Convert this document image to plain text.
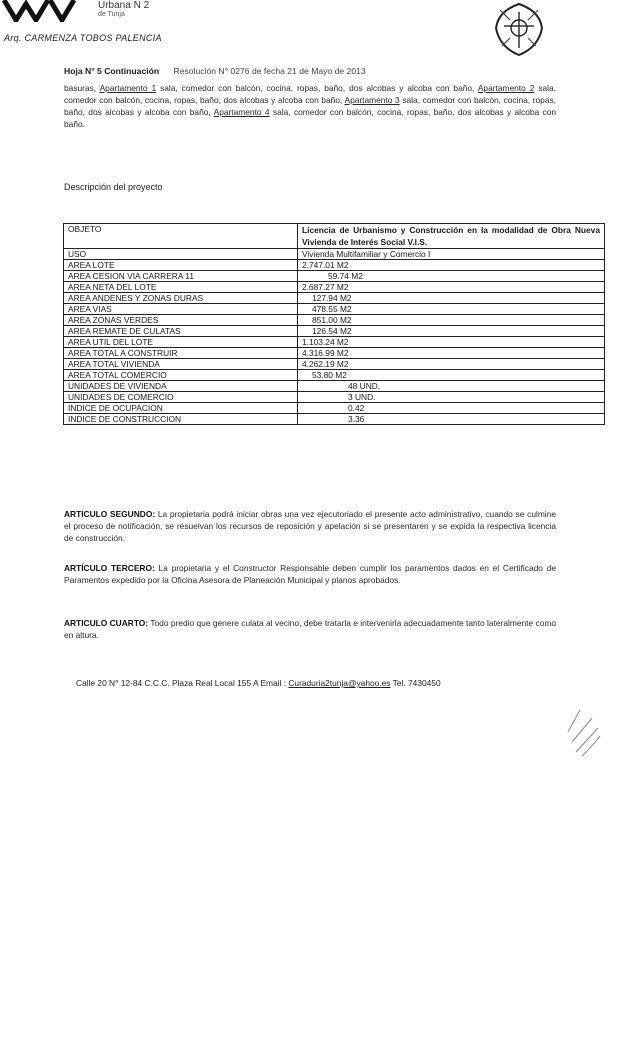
Urbana N 2
de Tunja
Arq. CARMENZA TOBOS PALENCIA
Hoja N° 5 Continuación Resolución N° 0276 de fecha 21 de Mayo de 2013
basuras, Apartamento 1 sala, comedor con balcón, cocina, ropas, baño, dos alcobas y alcoba con baño, Apartamento 2 sala, comedor con balcón, cocina, ropas, baño, dos alcobas y alcoba con baño, Apartamento 3 sala, comedor con balcón, cocina, ropas, baño, dos alcobas y alcoba con baño, Apartamento 4 sala, comedor con balcón, cocina, ropas, baño, dos alcobas y alcoba con baño.
Descripción del proyecto
OBJETO	Licencia de Urbanismo y Construcción en la modalidad de Obra Nueva Vivienda de Interés Social V.I.S.
USO	Vivienda Multifamiliar y Comercio I
AREA LOTE	2.747.01 M2
AREA CESION VIA CARRERA 11	59.74 M2
AREA NETA DEL LOTE	2.687.27 M2
AREA ANDENES Y ZONAS DURAS	127.94 M2
AREA VIAS	478.55 M2
AREA ZONAS VERDES	851.00 M2
AREA REMATE DE CULATAS	126.54 M2
AREA UTIL DEL LOTE	1.103.24 M2
AREA TOTAL A CONSTRUIR	4.316.99 M2
AREA TOTAL VIVIENDA	4.262.19 M2
AREA TOTAL COMERCIO	53.80 M2
UNIDADES DE VIVIENDA	48 UND.
UNIDADES DE COMERCIO	3 UND.
INDICE DE OCUPACION	0.42
INDICE DE CONSTRUCCION	3.36
ARTICULO SEGUNDO: La propietaria podrá iniciar obras una vez ejecutoriado el presente acto administrativo, cuando se culmine el proceso de notificación, se resuelvan los recursos de reposición y apelación si se presentaren y se expida la respectiva licencia de construcción.
ARTÍCULO TERCERO: La propietaria y el Constructor Responsable deben cumplir los paramentos dados en el Certificado de Paramentos expedido por la Oficina Asesora de Planeación Municipal y planos aprobados.
ARTICULO CUARTO: Todo predio que genere culata al vecino, debe tratarla e intervenirla adecuadamente tanto lateralmente como en altura.
Calle 20 N° 12-84 C.C.C. Plaza Real Local 155 A Email : Curaduria2tunja@yahoo.es Tel. 7430450
